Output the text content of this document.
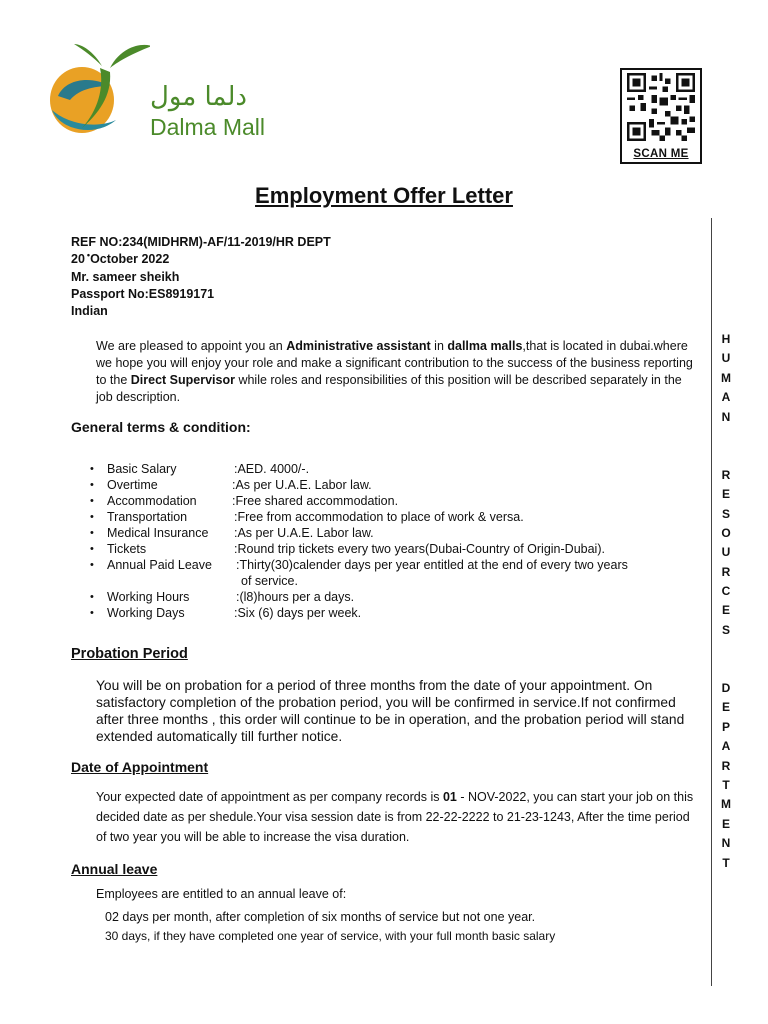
دلما مول
Dalma Mall
SCAN ME
Employment Offer Letter
REF NO:234(MIDHRM)-AF/11-2019/HR DEPT
20 •October 2022
Mr. sameer sheikh
Passport No:ES8919171
Indian
We are pleased to appoint you an Administrative assistant in dallma malls,that is located in dubai.where we hope you will enjoy your role and make a significant contribution to the success of the business reporting to the Direct Supervisor while roles and responsibilities of this position will be described separately in the job description.
General terms & condition:
• Basic Salary	:AED. 4000/-.
• Overtime	:As per U.A.E. Labor law.
• Accommodation	:Free shared accommodation.
• Transportation	:Free from accommodation to place of work & versa.
• Medical Insurance :As per U.A.E. Labor law.
• Tickets	:Round trip tickets every two years(Dubai-Country of Origin-Dubai).
• Annual Paid Leave :Thirty(30)calender days per year entitled at the end of every two years
of service.
• Working Hours	:(l8)hours per a days.
• Working Days	:Six (6) days per week.
Probation Period
You will be on probation for a period of three months from the date of your appointment. On satisfactory completion of the probation period, you will be confirmed in service.If not confirmed after three months , this order will continue to be in operation, and the probation period will stand extended automatically till further notice.
Date of Appointment
Your expected date of appointment as per company records is 01 - NOV-2022, you can start your job on this decided date as per shedule.Your visa session date is from 22-22-2222 to 21-23-1243, After the time period of two year you will be able to increase the visa duration.
Annual leave
Employees are entitled to an annual leave of:
02 days per month, after completion of six months of service but not one year.
30 days, if they have completed one year of service, with your full month basic salary
H
U
M
A
N
R
E
S
O
U
R
C
E
S
D
E
P
A
R
T
M
E
N
T
